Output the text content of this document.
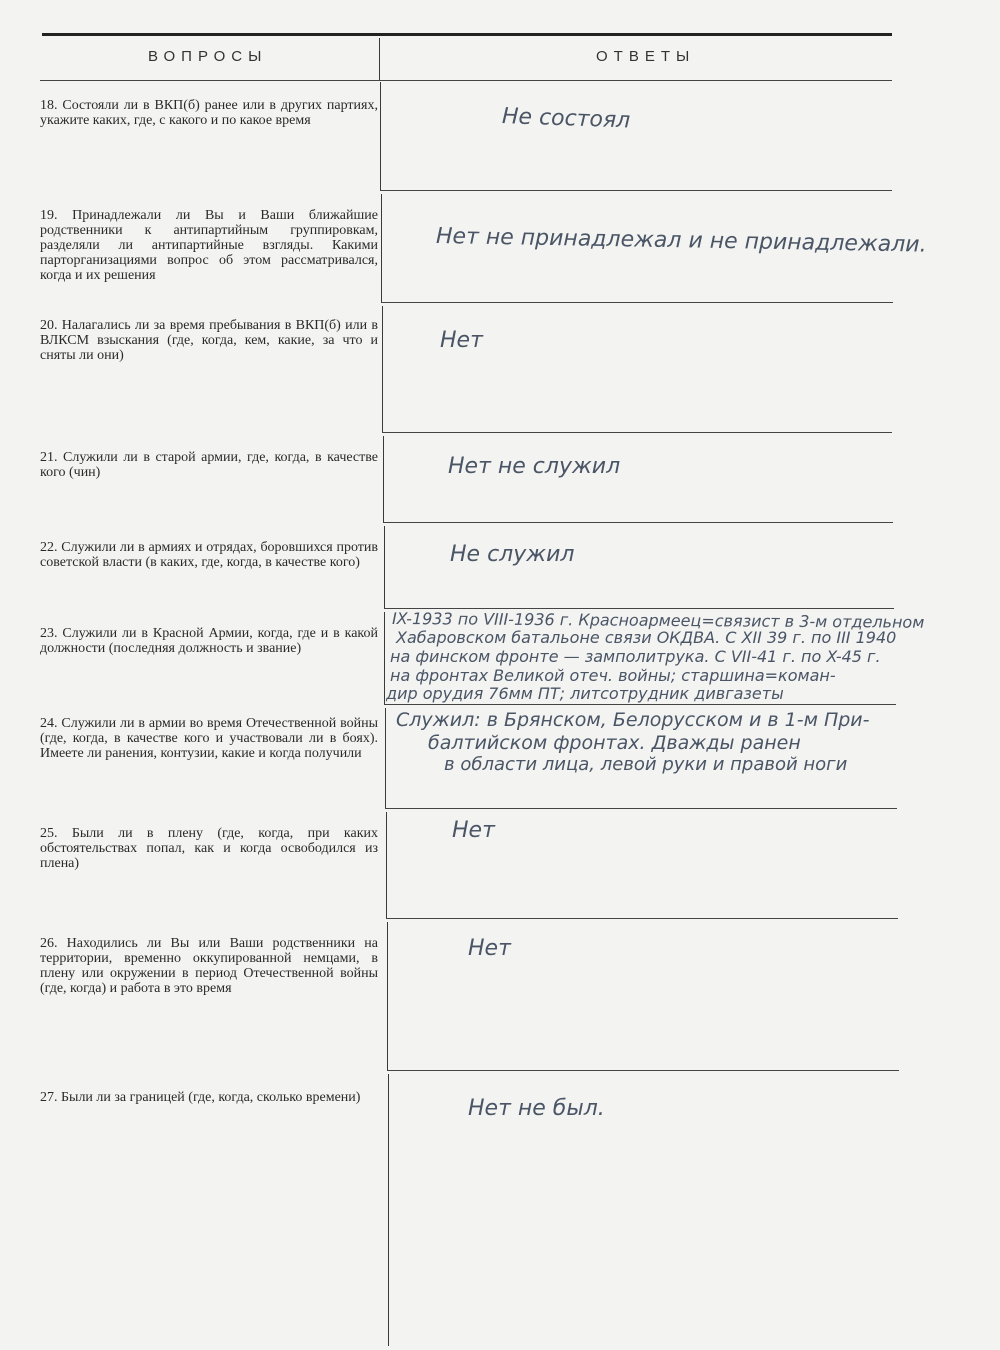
ВОПРОСЫ	ОТВЕТЫ
18. Состояли ли в ВКП(б) ранее или в других партиях, укажите каких, где, с какого и по какое время
19. Принадлежали ли Вы и Ваши ближайшие родственники к антипартийным группировкам, разделяли ли антипартийные взгляды. Какими парторганизациями вопрос об этом рассматривался, когда и их решения
20. Налагались ли за время пребывания в ВКП(б) или в ВЛКСМ взыскания (где, когда, кем, какие, за что и сняты ли они)
21. Служили ли в старой армии, где, когда, в качестве кого (чин)
22. Служили ли в армиях и отрядах, боровшихся против советской власти (в каких, где, когда, в качестве кого)
23. Служили ли в Красной Армии, когда, где и в какой должности (последняя должность и звание)
24. Служили ли в армии во время Отечественной войны (где, когда, в качестве кого и участвовали ли в боях). Имеете ли ранения, контузии, какие и когда получили
25. Были ли в плену (где, когда, при каких обстоятельствах попал, как и когда освободился из плена)
26. Находились ли Вы или Ваши родственники на территории, временно оккупированной немцами, в плену или окружении в период Отечественной войны (где, когда) и работа в это время
27. Были ли за границей (где, когда, сколько времени)
Не состоял
Нет не принадлежал и не принадлежали.
Нет
Нет не служил
Не служил
IX-1933 по VIII-1936 г. Красноармеец=связист в 3-м отдельном
Хабаровском батальоне связи ОКДВА. С XII 39 г. по III 1940
на финском фронте — замполитрука. С VII-41 г. по X-45 г.
на фронтах Великой отеч. войны; старшина=коман-
дир орудия 76мм ПТ; литсотрудник дивгазеты
Служил: в Брянском, Белорусском и в 1-м При-
балтийском фронтах. Дважды ранен
в области лица, левой руки и правой ноги
Нет
Нет
Нет не был.
